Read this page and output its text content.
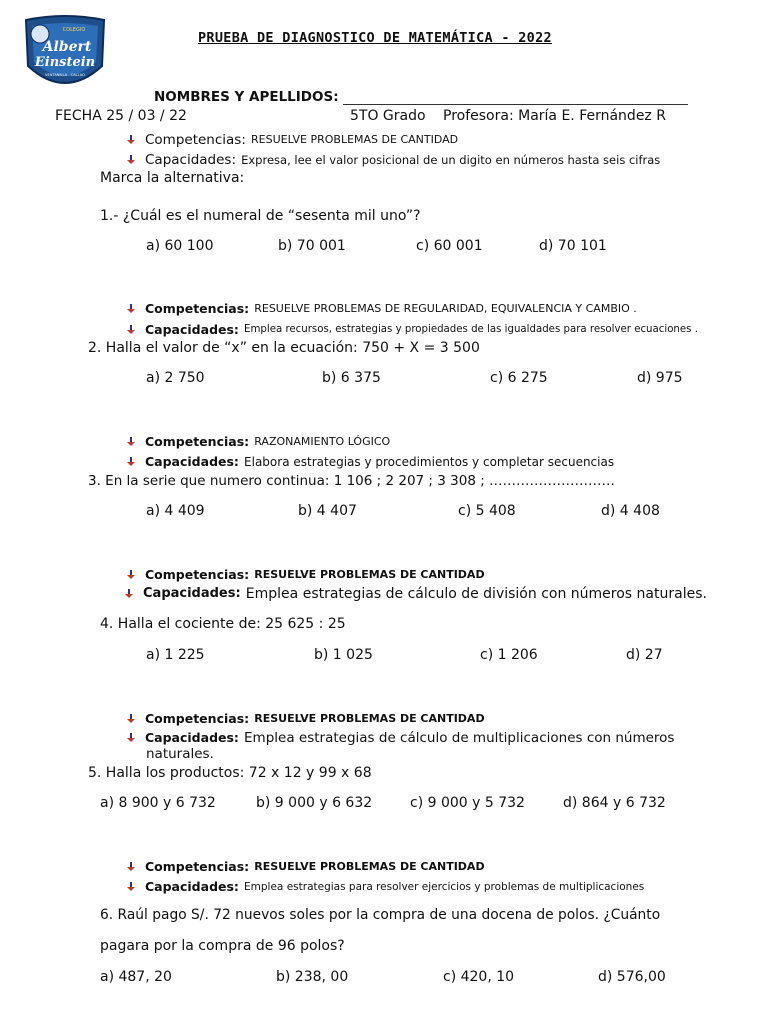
COLEGIO
Albert
Einstein
VENTANILLA - CALLAO
PRUEBA DE DIAGNOSTICO DE MATEMÁTICA - 2022
NOMBRES Y APELLIDOS:
FECHA 25 / 03 / 22	5TO Grado Profesora: María E. Fernández R
Competencias:
RESUELVE PROBLEMAS DE CANTIDAD
Capacidades:
Expresa, lee el valor posicional de un digito en números hasta seis cifras
Marca la alternativa:
1.- ¿Cuál es el numeral de “sesenta mil uno”?
a) 60 100	b) 70 001	c) 60 001	d) 70 101
Competencias:
RESUELVE PROBLEMAS DE REGULARIDAD, EQUIVALENCIA Y CAMBIO .
Capacidades:
Emplea recursos, estrategias y propiedades de las igualdades para resolver ecuaciones .
2. Halla el valor de “x” en la ecuación: 750 + X = 3 500
a) 2 750	b) 6 375	c) 6 275	d) 975
Competencias:
RAZONAMIENTO LÓGICO
Capacidades:
Elabora estrategias y procedimientos y completar secuencias
3. En la serie que numero continua: 1 106 ; 2 207 ; 3 308 ; ……………………….
a) 4 409	b) 4 407	c) 5 408	d) 4 408
Competencias:
RESUELVE PROBLEMAS DE CANTIDAD
Capacidades:
Emplea estrategias de cálculo de división con números naturales.
4. Halla el cociente de: 25 625 : 25
a) 1 225	b) 1 025	c) 1 206	d) 27
Competencias:
RESUELVE PROBLEMAS DE CANTIDAD
Capacidades:
Emplea estrategias de cálculo de multiplicaciones con números
naturales.
5. Halla los productos: 72 x 12 y 99 x 68
a) 8 900 y 6 732	b) 9 000 y 6 632	c) 9 000 y 5 732	d) 864 y 6 732
Competencias:
RESUELVE PROBLEMAS DE CANTIDAD
Capacidades:
Emplea estrategias para resolver ejercicios y problemas de multiplicaciones
6. Raúl pago S/. 72 nuevos soles por la compra de una docena de polos. ¿Cuánto
pagara por la compra de 96 polos?
a) 487, 20	b) 238, 00	c) 420, 10	d) 576,00
